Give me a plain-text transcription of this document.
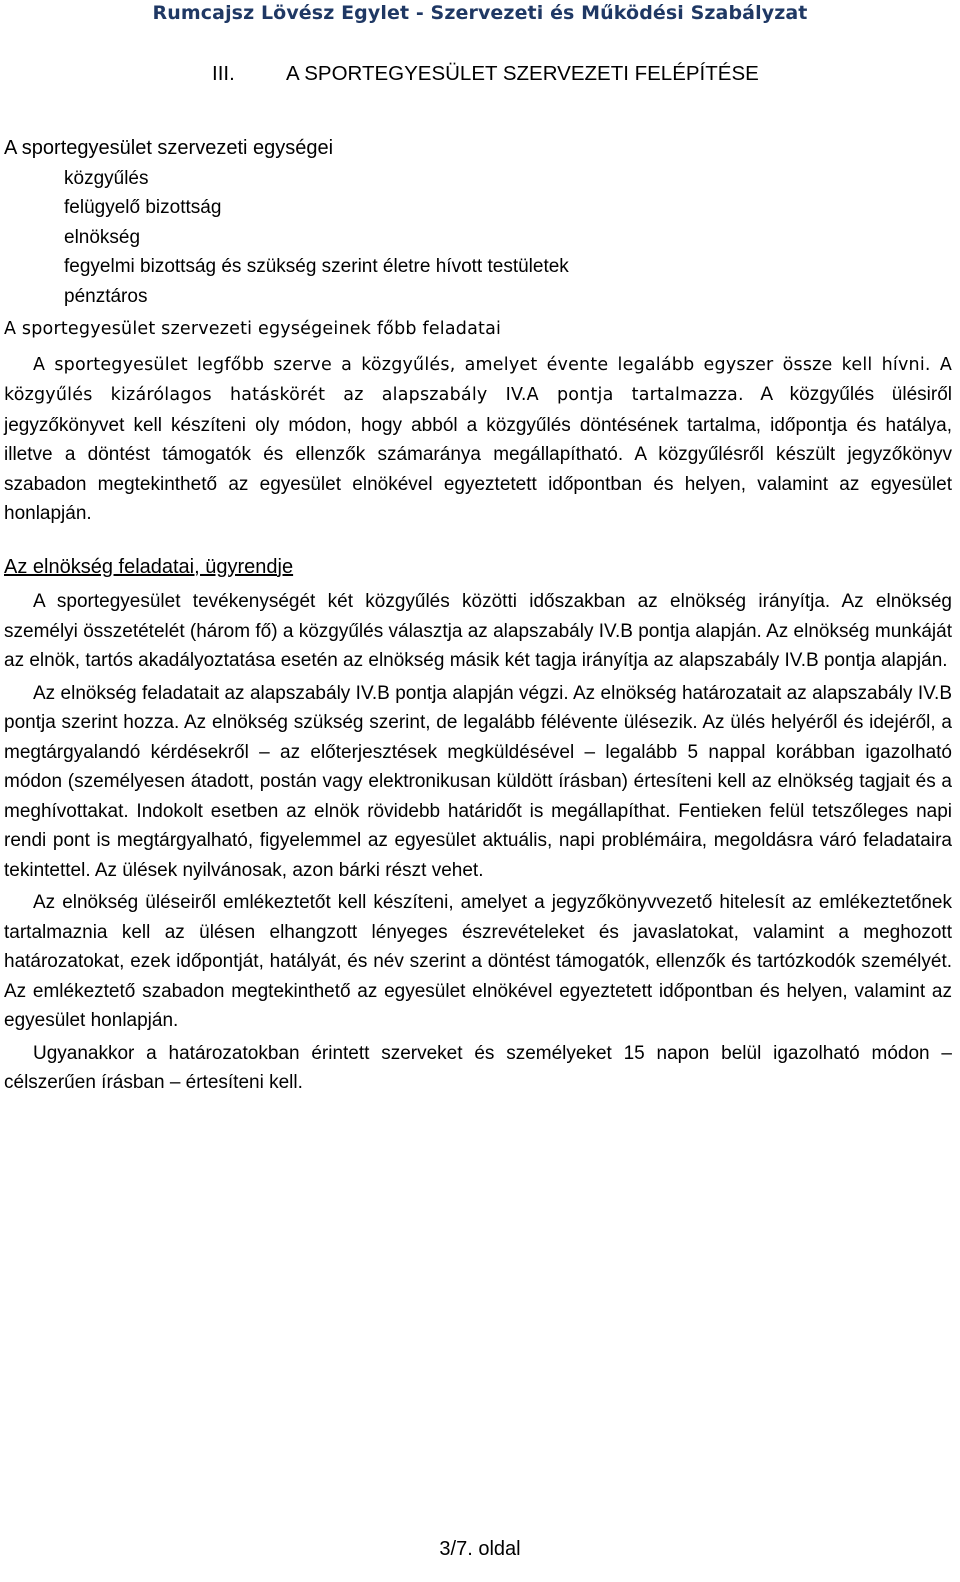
Rumcajsz Lövész Egylet - Szervezeti és Működési Szabályzat
III. A SPORTEGYESÜLET SZERVEZETI FELÉPÍTÉSE

A sportegyesület szervezeti egységei

közgyűlés
felügyelő bizottság
elnökség
fegyelmi bizottság és szükség szerint életre hívott testületek
pénztáros

A sportegyesület szervezeti egységeinek főbb feladatai

A sportegyesület legfőbb szerve a közgyűlés, amelyet évente legalább egyszer össze kell hívni. A közgyűlés kizárólagos hatáskörét az alapszabály IV.A pontja tartalmazza. A közgyűlés ülésiről jegyzőkönyvet kell készíteni oly módon, hogy abból a közgyűlés döntésének tartalma, időpontja és hatálya, illetve a döntést támogatók és ellenzők számaránya megállapítható. A közgyűlésről készült jegyzőkönyv szabadon megtekinthető az egyesület elnökével egyeztetett időpontban és helyen, valamint az egyesület honlapján.

Az elnökség feladatai, ügyrendje

A sportegyesület tevékenységét két közgyűlés közötti időszakban az elnökség irányítja. Az elnökség személyi összetételét (három fő) a közgyűlés választja az alapszabály IV.B pontja alapján. Az elnökség munkáját az elnök, tartós akadályoztatása esetén az elnökség másik két tagja irányítja az alapszabály IV.B pontja alapján.

Az elnökség feladatait az alapszabály IV.B pontja alapján végzi. Az elnökség határozatait az alapszabály IV.B pontja szerint hozza. Az elnökség szükség szerint, de legalább félévente ülésezik. Az ülés helyéről és idejéről, a megtárgyalandó kérdésekről – az előterjesztések megküldésével – legalább 5 nappal korábban igazolható módon (személyesen átadott, postán vagy elektronikusan küldött írásban) értesíteni kell az elnökség tagjait és a meghívottakat. Indokolt esetben az elnök rövidebb határidőt is megállapíthat. Fentieken felül tetszőleges napi rendi pont is megtárgyalható, figyelemmel az egyesület aktuális, napi problémáira, megoldásra váró feladataira tekintettel. Az ülések nyilvánosak, azon bárki részt vehet.

Az elnökség üléseiről emlékeztetőt kell készíteni, amelyet a jegyzőkönyvvezető hitelesít az emlékeztetőnek tartalmaznia kell az ülésen elhangzott lényeges észrevételeket és javaslatokat, valamint a meghozott határozatokat, ezek időpontját, hatályát, és név szerint a döntést támogatók, ellenzők és tartózkodók személyét. Az emlékeztető szabadon megtekinthető az egyesület elnökével egyeztetett időpontban és helyen, valamint az egyesület honlapján.

Ugyanakkor a határozatokban érintett szerveket és személyeket 15 napon belül igazolható módon – célszerűen írásban – értesíteni kell.

3/7. oldal
